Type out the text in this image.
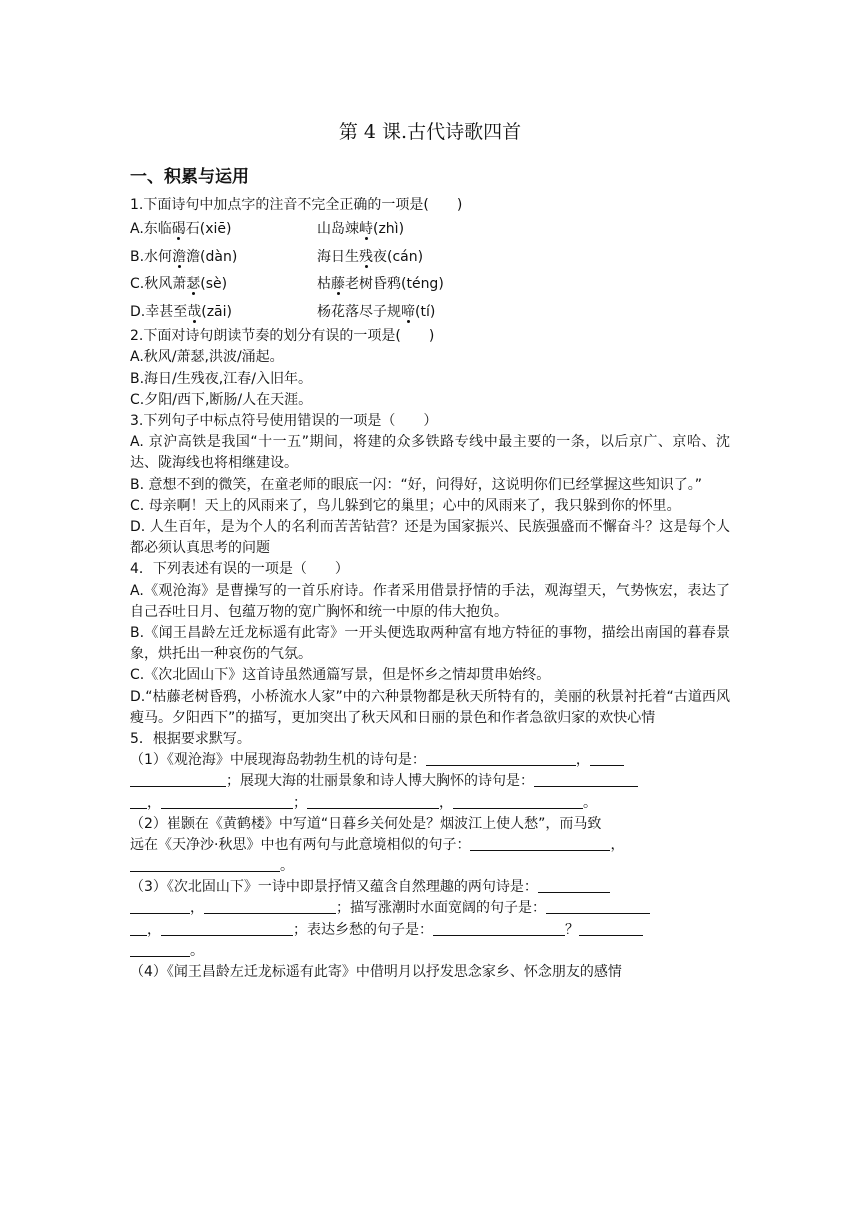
第 4 课.古代诗歌四首
一、积累与运用
1.下面诗句中加点字的注音不完全正确的一项是(　　)
A.东临碣石(xiē)	山岛竦峙(zhì)
B.水何澹澹(dàn)	海日生残夜(cán)
C.秋风萧瑟(sè)	枯藤老树昏鸦(téng)
D.幸甚至哉(zāi)	杨花落尽子规啼(tí)
2.下面对诗句朗读节奏的划分有误的一项是(　　)
A.秋风/萧瑟,洪波/涌起。
B.海日/生残夜,江春/入旧年。
C.夕阳/西下,断肠/人在天涯。
3.下列句子中标点符号使用错误的一项是（　　）
A. 京沪高铁是我国“十一五”期间，将建的众多铁路专线中最主要的一条，以后京广、京哈、沈达、陇海线也将相继建设。
B. 意想不到的微笑，在童老师的眼底一闪：“好，问得好，这说明你们已经掌握这些知识了。”
C. 母亲啊！天上的风雨来了，鸟儿躲到它的巢里；心中的风雨来了，我只躲到你的怀里。
D. 人生百年，是为个人的名利而苦苦钻营？还是为国家振兴、民族强盛而不懈奋斗？这是每个人都必须认真思考的问题
4．下列表述有误的一项是（　　）
A.《观沧海》是曹操写的一首乐府诗。作者采用借景抒情的手法，观海望天，气势恢宏，表达了自己吞吐日月、包蕴万物的宽广胸怀和统一中原的伟大抱负。
B.《闻王昌龄左迁龙标遥有此寄》一开头便选取两种富有地方特征的事物，描绘出南国的暮春景象，烘托出一种哀伤的气氛。
C.《次北固山下》这首诗虽然通篇写景，但是怀乡之情却贯串始终。
D.“枯藤老树昏鸦，小桥流水人家”中的六种景物都是秋天所特有的，美丽的秋景衬托着“古道西风瘦马。夕阳西下”的描写，更加突出了秋天风和日丽的景色和作者急欲归家的欢快心情
5．根据要求默写。
（1）《观沧海》中展现海岛勃勃生机的诗句是：	，
；展现大海的壮丽景象和诗人博大胸怀的诗句是：
，	；	，	。
（2）崔颢在《黄鹤楼》中写道“日暮乡关何处是？烟波江上使人愁”，而马致
远在《天净沙·秋思》中也有两句与此意境相似的句子：	，
。
（3）《次北固山下》一诗中即景抒情又蕴含自然理趣的两句诗是：
，	；描写涨潮时水面宽阔的句子是：
，	；表达乡愁的句子是：	？
。
（4）《闻王昌龄左迁龙标遥有此寄》中借明月以抒发思念家乡、怀念朋友的感情
